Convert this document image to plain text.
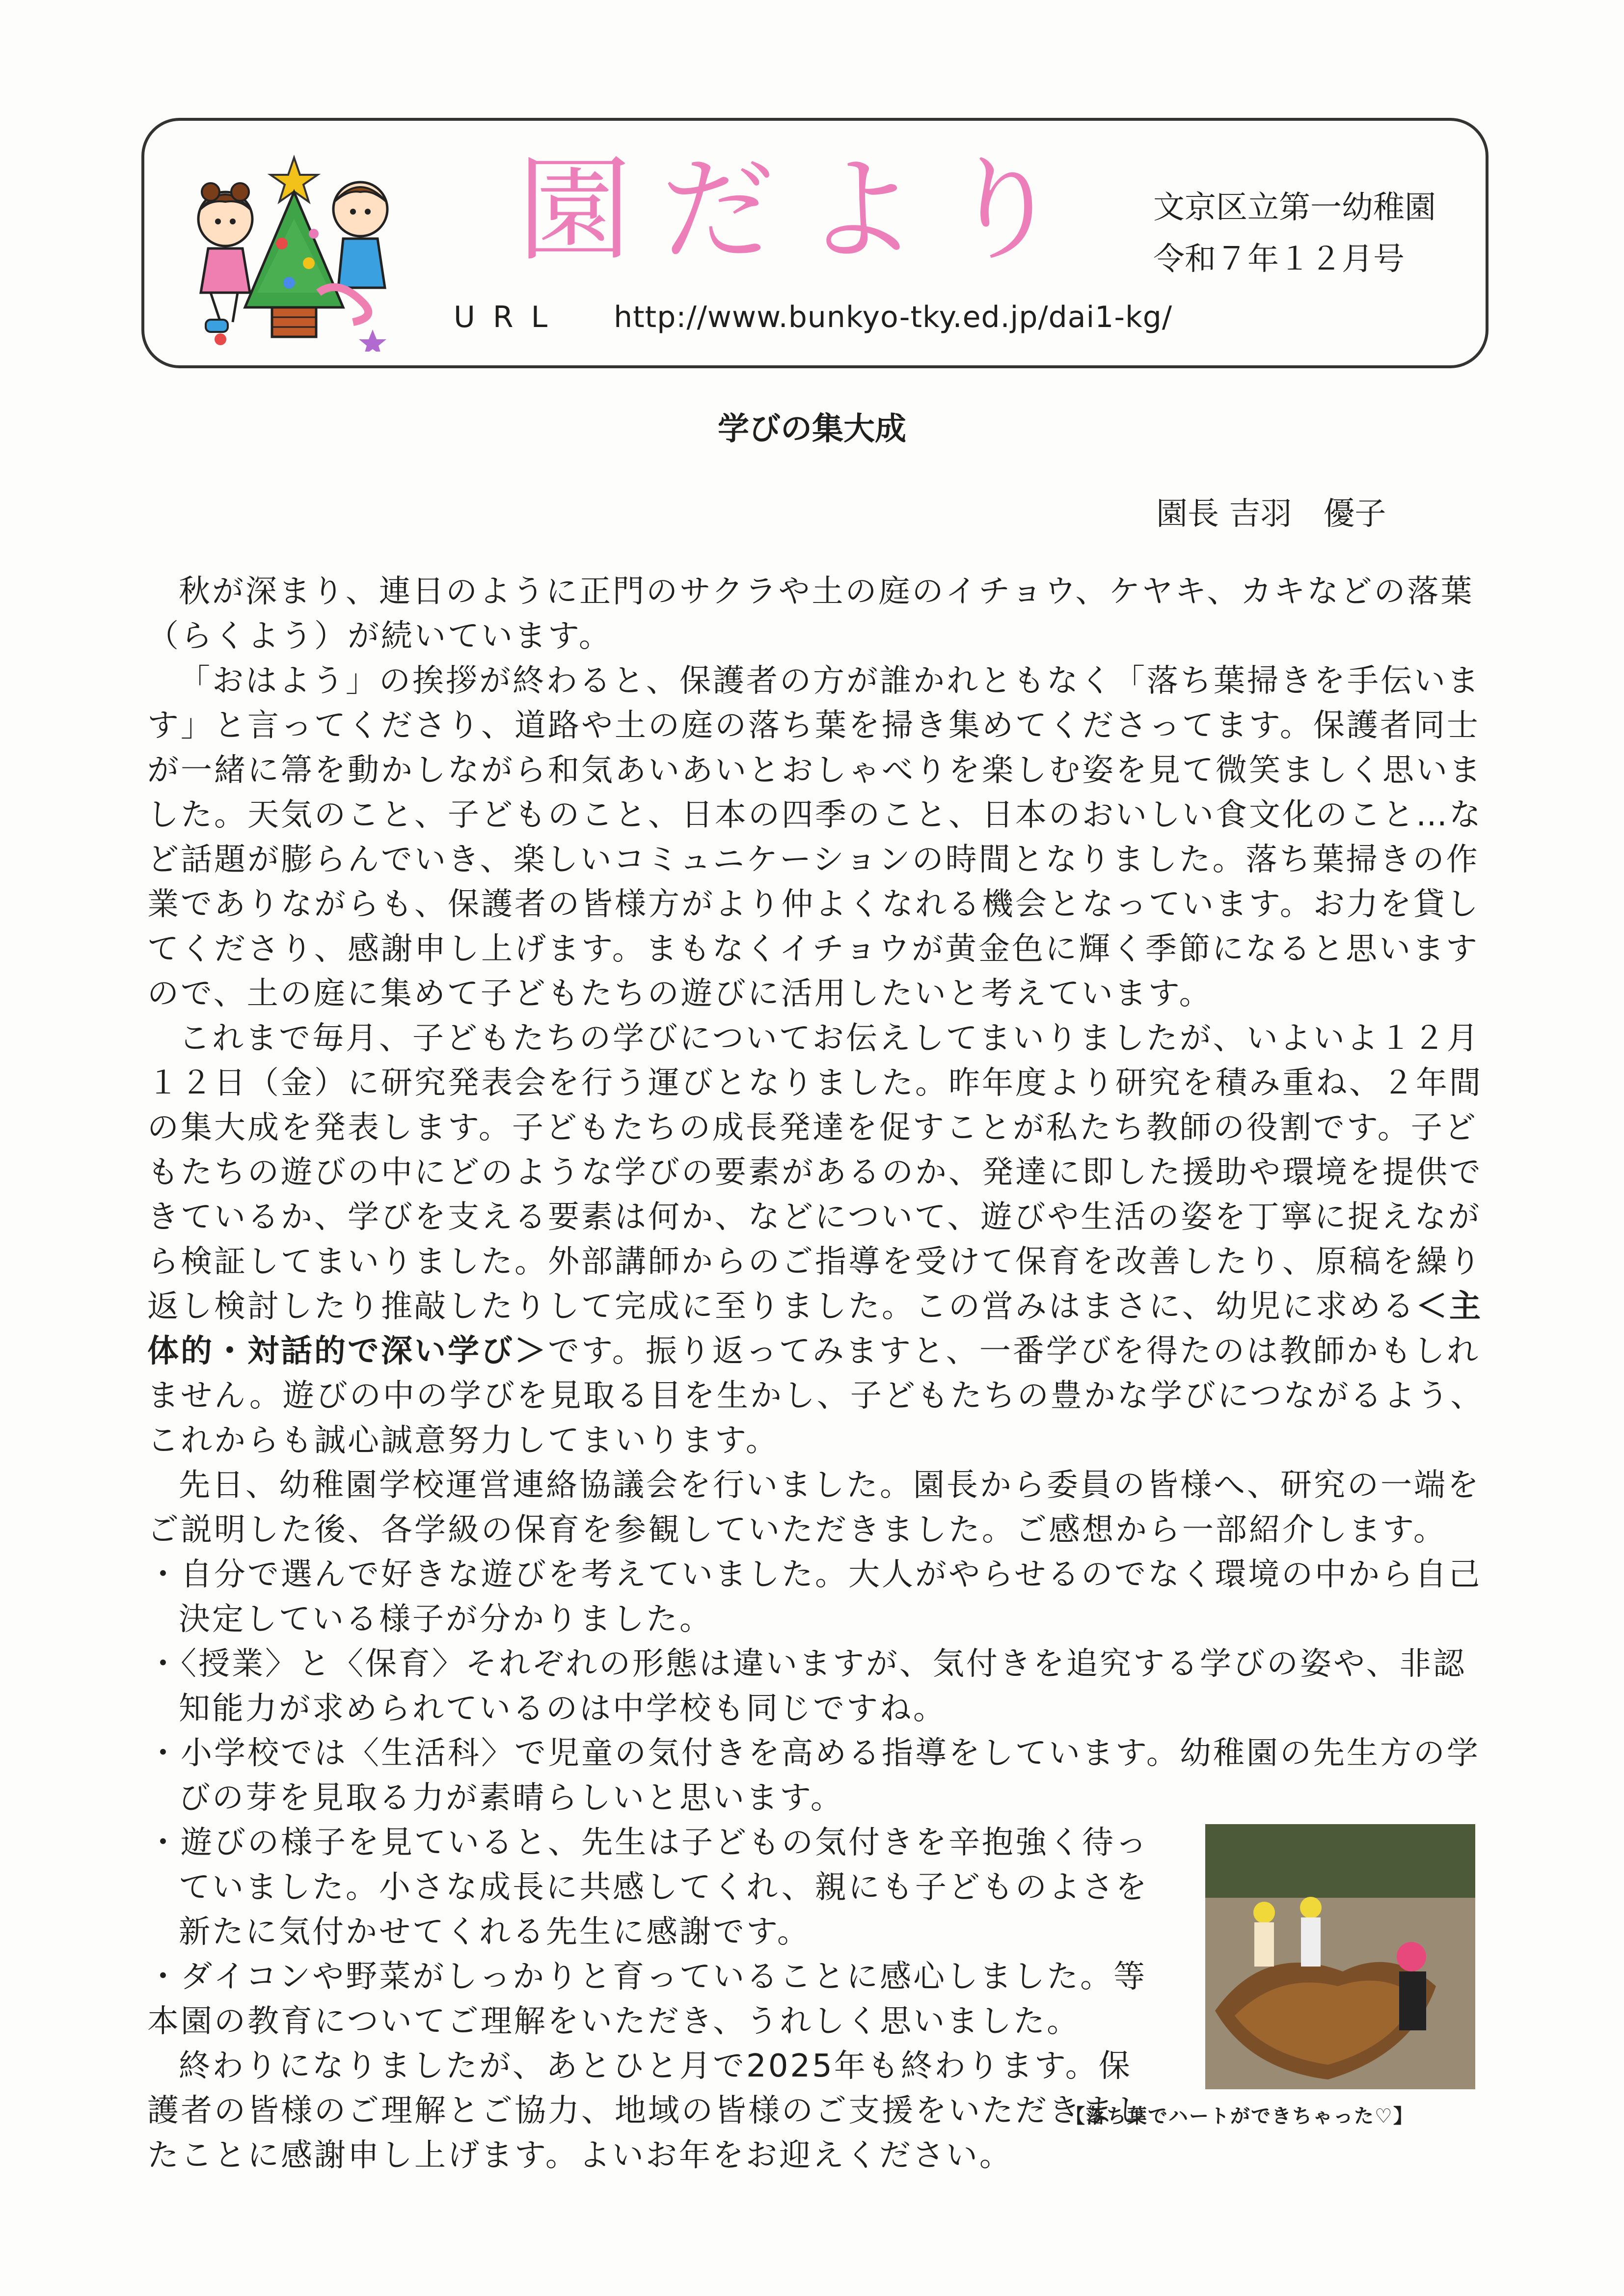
園だより 文京区立第一幼稚園
令和７年１２月号
URL http://www.bunkyo-tky.ed.jp/dai1-kg/
学びの集大成
園長 吉羽　優子

秋が深まり、連日のように正門のサクラや土の庭のイチョウ、ケヤキ、カキなどの落葉（らくよう）が続いています。

「おはよう」の挨拶が終わると、保護者の方が誰かれともなく「落ち葉掃きを手伝います」と言ってくださり、道路や土の庭の落ち葉を掃き集めてくださってます。保護者同士が一緒に箒を動かしながら和気あいあいとおしゃべりを楽しむ姿を見て微笑ましく思いました。天気のこと、子どものこと、日本の四季のこと、日本のおいしい食文化のこと…など話題が膨らんでいき、楽しいコミュニケーションの時間となりました。落ち葉掃きの作業でありながらも、保護者の皆様方がより仲よくなれる機会となっています。お力を貸してくださり、感謝申し上げます。まもなくイチョウが黄金色に輝く季節になると思いますので、土の庭に集めて子どもたちの遊びに活用したいと考えています。

これまで毎月、子どもたちの学びについてお伝えしてまいりましたが、いよいよ１２月１２日（金）に研究発表会を行う運びとなりました。昨年度より研究を積み重ね、２年間の集大成を発表します。子どもたちの成長発達を促すことが私たち教師の役割です。子どもたちの遊びの中にどのような学びの要素があるのか、発達に即した援助や環境を提供できているか、学びを支える要素は何か、などについて、遊びや生活の姿を丁寧に捉えながら検証してまいりました。外部講師からのご指導を受けて保育を改善したり、原稿を繰り返し検討したり推敲したりして完成に至りました。この営みはまさに、幼児に求める＜主体的・対話的で深い学び＞です。振り返ってみますと、一番学びを得たのは教師かもしれません。遊びの中の学びを見取る目を生かし、子どもたちの豊かな学びにつながるよう、これからも誠心誠意努力してまいります。

先日、幼稚園学校運営連絡協議会を行いました。園長から委員の皆様へ、研究の一端をご説明した後、各学級の保育を参観していただきました。ご感想から一部紹介します。

・自分で選んで好きな遊びを考えていました。大人がやらせるのでなく環境の中から自己決定している様子が分かりました。
・〈授業〉と〈保育〉それぞれの形態は違いますが、気付きを追究する学びの姿や、非認知能力が求められているのは中学校も同じですね。
・小学校では〈生活科〉で児童の気付きを高める指導をしています。幼稚園の先生方の学びの芽を見取る力が素晴らしいと思います。
・遊びの様子を見ていると、先生は子どもの気付きを辛抱強く待っていました。小さな成長に共感してくれ、親にも子どものよさを新たに気付かせてくれる先生に感謝です。
・ダイコンや野菜がしっかりと育っていることに感心しました。等

本園の教育についてご理解をいただき、うれしく思いました。

終わりになりましたが、あとひと月で2025年も終わります。保護者の皆様のご理解とご協力、地域の皆様のご支援をいただきましたことに感謝申し上げます。よいお年をお迎えください。

【落ち葉でハートができちゃった♡】
